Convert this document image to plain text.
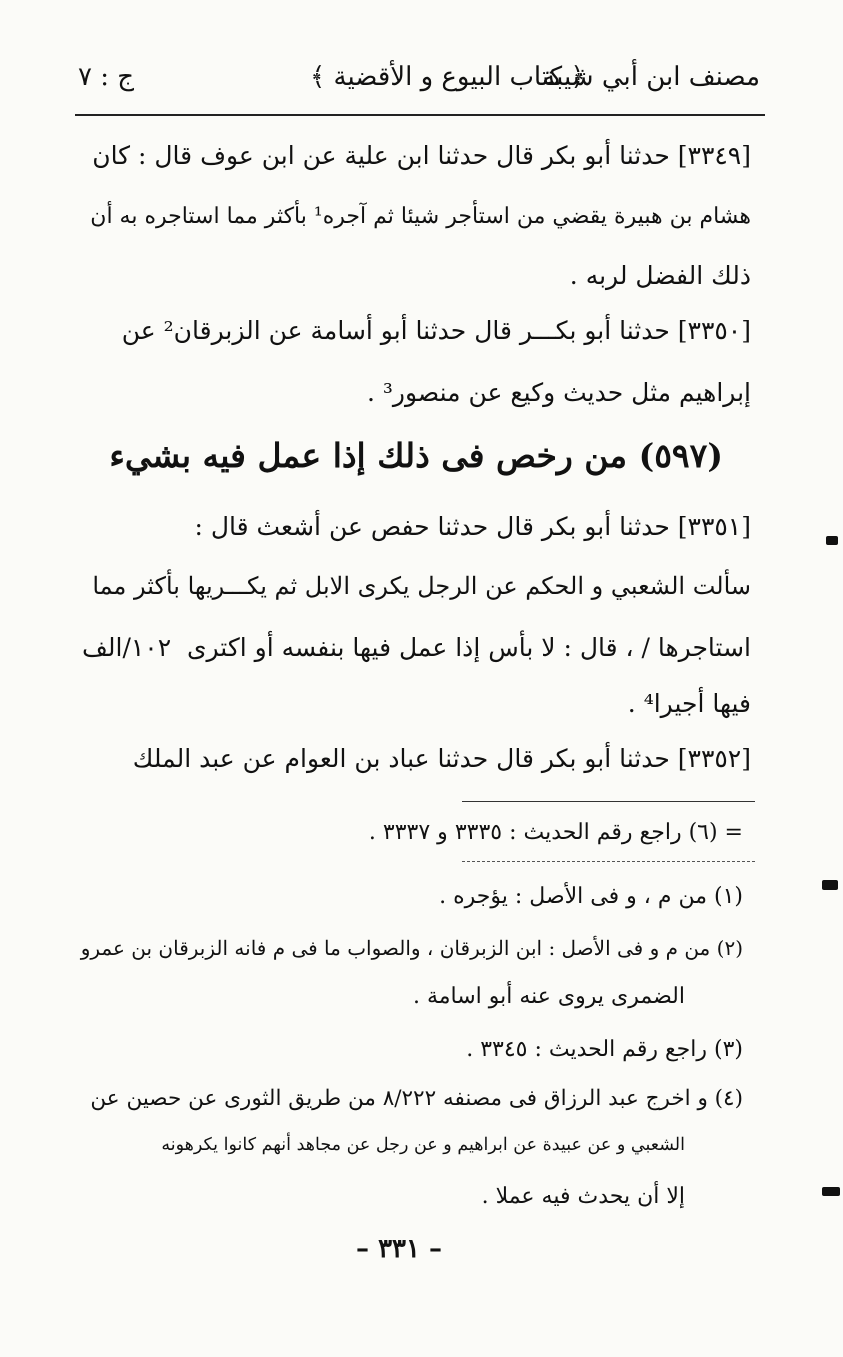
مصنف ابن أبي شيبة
﴿ كتاب البيوع و الأقضية ﴾
ج : ٧
[٣٣٤٩] حدثنا أبو بكر قال حدثنا ابن علية عن ابن عوف قال : كان
هشام بن هبيرة يقضي من استأجر شيئا ثم آجره¹ بأكثر مما استاجره به أن
ذلك الفضل لربه .
[٣٣٥٠] حدثنا أبو بكـــر قال حدثنا أبو أسامة عن الزبرقان² عن
إبراهيم مثل حديث وكيع عن منصور³ .
(٥٩٧) من رخص فى ذلك إذا عمل فيه بشيء
[٣٣٥١] حدثنا أبو بكر قال حدثنا حفص عن أشعث قال :
سألت الشعبي و الحكم عن الرجل يكرى الابل ثم يكـــريها بأكثر مما
استاجرها / ، قال : لا بأس إذا عمل فيها بنفسه أو اكترى
١٠٢/الف
فيها أجيرا⁴ .
[٣٣٥٢] حدثنا أبو بكر قال حدثنا عباد بن العوام عن عبد الملك
= (٦) راجع رقم الحديث : ٣٣٣٥ و ٣٣٣٧ .
(١) من م ، و فى الأصل : يؤجره .
(٢) من م و فى الأصل : ابن الزبرقان ، والصواب ما فى م فانه الزبرقان بن عمرو
الضمرى يروى عنه أبو اسامة .
(٣) راجع رقم الحديث : ٣٣٤٥ .
(٤) و اخرج عبد الرزاق فى مصنفه ٨/٢٢٢ من طريق الثورى عن حصين عن
الشعبي و عن عبيدة عن ابراهيم و عن رجل عن مجاهد أنهم كانوا يكرهونه
إلا أن يحدث فيه عملا .
– ٣٣١ –
